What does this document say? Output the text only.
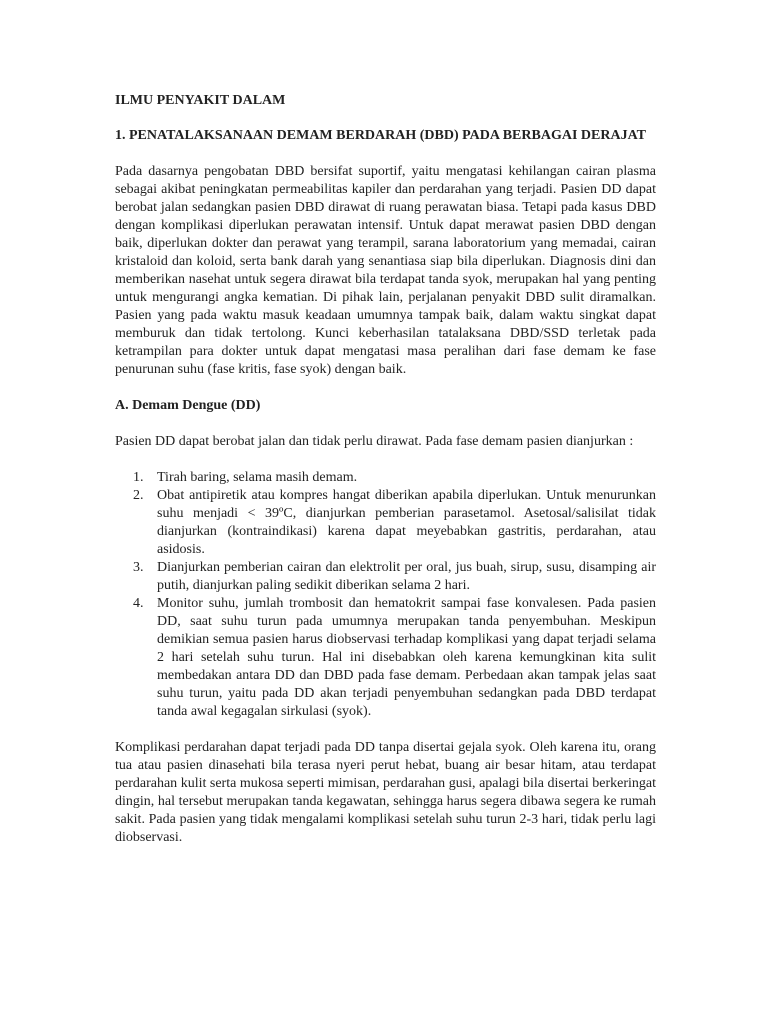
ILMU PENYAKIT DALAM

1. PENATALAKSANAAN DEMAM BERDARAH (DBD) PADA BERBAGAI DERAJAT

Pada dasarnya pengobatan DBD bersifat suportif, yaitu mengatasi kehilangan cairan plasma sebagai akibat peningkatan permeabilitas kapiler dan perdarahan yang terjadi. Pasien DD dapat berobat jalan sedangkan pasien DBD dirawat di ruang perawatan biasa. Tetapi pada kasus DBD dengan komplikasi diperlukan perawatan intensif. Untuk dapat merawat pasien DBD dengan baik, diperlukan dokter dan perawat yang terampil, sarana laboratorium yang memadai, cairan kristaloid dan koloid, serta bank darah yang senantiasa siap bila diperlukan. Diagnosis dini dan memberikan nasehat untuk segera dirawat bila terdapat tanda syok, merupakan hal yang penting untuk mengurangi angka kematian. Di pihak lain, perjalanan penyakit DBD sulit diramalkan. Pasien yang pada waktu masuk keadaan umumnya tampak baik, dalam waktu singkat dapat memburuk dan tidak tertolong. Kunci keberhasilan tatalaksana DBD/SSD terletak pada ketrampilan para dokter untuk dapat mengatasi masa peralihan dari fase demam ke fase penurunan suhu (fase kritis, fase syok) dengan baik.

A. Demam Dengue (DD)

Pasien DD dapat berobat jalan dan tidak perlu dirawat. Pada fase demam pasien dianjurkan :

1. Tirah baring, selama masih demam.
2. Obat antipiretik atau kompres hangat diberikan apabila diperlukan. Untuk menurunkan suhu menjadi < 39ºC, dianjurkan pemberian parasetamol. Asetosal/salisilat tidak dianjurkan (kontraindikasi) karena dapat meyebabkan gastritis, perdarahan, atau asidosis.
3. Dianjurkan pemberian cairan dan elektrolit per oral, jus buah, sirup, susu, disamping air putih, dianjurkan paling sedikit diberikan selama 2 hari.
4. Monitor suhu, jumlah trombosit dan hematokrit sampai fase konvalesen. Pada pasien DD, saat suhu turun pada umumnya merupakan tanda penyembuhan. Meskipun demikian semua pasien harus diobservasi terhadap komplikasi yang dapat terjadi selama 2 hari setelah suhu turun. Hal ini disebabkan oleh karena kemungkinan kita sulit membedakan antara DD dan DBD pada fase demam. Perbedaan akan tampak jelas saat suhu turun, yaitu pada DD akan terjadi penyembuhan sedangkan pada DBD terdapat tanda awal kegagalan sirkulasi (syok).

Komplikasi perdarahan dapat terjadi pada DD tanpa disertai gejala syok. Oleh karena itu, orang tua atau pasien dinasehati bila terasa nyeri perut hebat, buang air besar hitam, atau terdapat perdarahan kulit serta mukosa seperti mimisan, perdarahan gusi, apalagi bila disertai berkeringat dingin, hal tersebut merupakan tanda kegawatan, sehingga harus segera dibawa segera ke rumah sakit. Pada pasien yang tidak mengalami komplikasi setelah suhu turun 2-3 hari, tidak perlu lagi diobservasi.
